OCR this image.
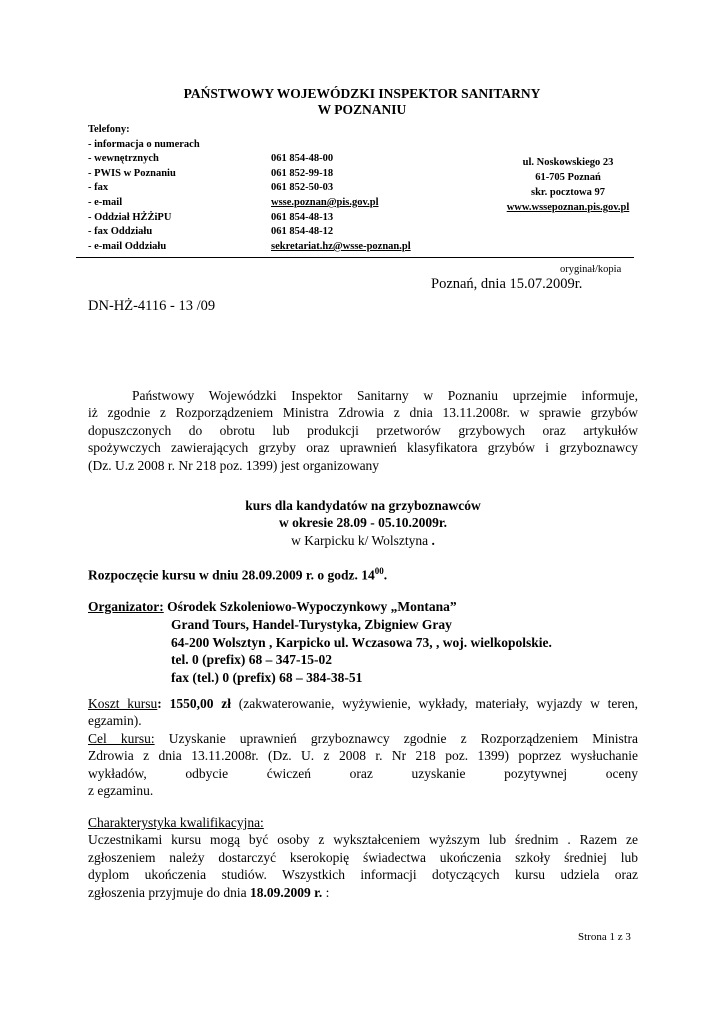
PAŃSTWOWY WOJEWÓDZKI INSPEKTOR SANITARNY
W POZNANIU
Telefony:
- informacja o numerach
- wewnętrznych	061 854-48-00
- PWIS w Poznaniu	061 852-99-18
- fax	061 852-50-03
- e-mail	wsse.poznan@pis.gov.pl
- Oddział HŻŻiPU	061 854-48-13
- fax Oddziału	061 854-48-12
- e-mail Oddziału	sekretariat.hz@wsse-poznan.pl
ul. Noskowskiego 23
61-705 Poznań
skr. pocztowa 97
www.wssepoznan.pis.gov.pl
oryginał/kopia
Poznań, dnia 15.07.2009r.
DN-HŻ-4116 - 13 /09
Państwowy Wojewódzki Inspektor Sanitarny w Poznaniu uprzejmie informuje,
iż zgodnie z Rozporządzeniem Ministra Zdrowia z dnia 13.11.2008r. w sprawie grzybów
dopuszczonych do obrotu lub produkcji przetworów grzybowych oraz artykułów
spożywczych zawierających grzyby oraz uprawnień klasyfikatora grzybów i grzyboznawcy
(Dz. U.z 2008 r. Nr 218 poz. 1399) jest organizowany
kurs dla kandydatów na grzyboznawców
w okresie 28.09 - 05.10.2009r.
w Karpicku k/ Wolsztyna .
Rozpoczęcie kursu w dniu 28.09.2009 r. o godz. $14^{00}$.
Organizator: Ośrodek Szkoleniowo-Wypoczynkowy „Montana”
Grand Tours, Handel-Turystyka, Zbigniew Gray
64-200 Wolsztyn , Karpicko ul. Wczasowa 73, , woj. wielkopolskie.
tel. 0 (prefix) 68 – 347-15-02
fax (tel.) 0 (prefix) 68 – 384-38-51
Koszt kursu: 1550,00 zł (zakwaterowanie, wyżywienie, wykłady, materiały, wyjazdy w teren,
egzamin).
Cel kursu: Uzyskanie uprawnień grzyboznawcy zgodnie z Rozporządzeniem Ministra
Zdrowia z dnia 13.11.2008r. (Dz. U. z 2008 r. Nr 218 poz. 1399) poprzez wysłuchanie
wykładów, odbycie ćwiczeń oraz uzyskanie pozytywnej oceny
z egzaminu.
Charakterystyka kwalifikacyjna:
Uczestnikami kursu mogą być osoby z wykształceniem wyższym lub średnim . Razem ze
zgłoszeniem należy dostarczyć kserokopię świadectwa ukończenia szkoły średniej lub
dyplom ukończenia studiów. Wszystkich informacji dotyczących kursu udziela oraz
zgłoszenia przyjmuje do dnia 18.09.2009 r. :
Strona 1 z 3
